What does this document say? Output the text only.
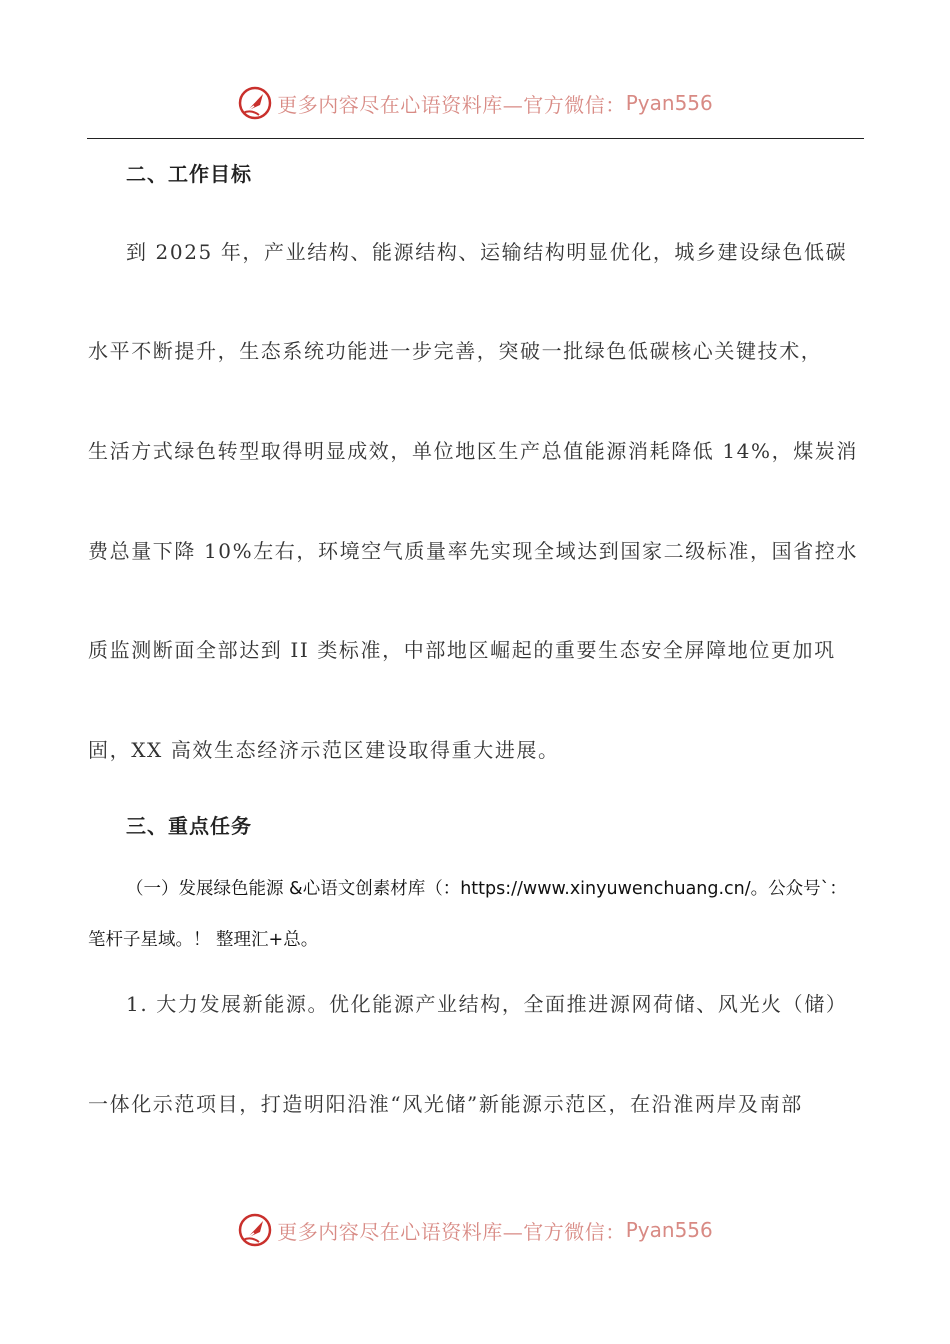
更多内容尽在心语资料库—官方微信： Pyan556
二、工作目标
到 2025 年，产业结构、能源结构、运输结构明显优化，城乡建设绿色低碳
水平不断提升，生态系统功能进一步完善，突破一批绿色低碳核心关键技术，
生活方式绿色转型取得明显成效，单位地区生产总值能源消耗降低 14%，煤炭消
费总量下降 10%左右，环境空气质量率先实现全域达到国家二级标准，国省控水
质监测断面全部达到 II 类标准，中部地区崛起的重要生态安全屏障地位更加巩
固，XX 高效生态经济示范区建设取得重大进展。
三、重点任务
（一）发展绿色能源 &心语文创素材库（：https://www.xinyuwenchuang.cn/。公众号`：
笔杆子星域。！ 整理汇+总。
1. 大力发展新能源。优化能源产业结构，全面推进源网荷储、风光火（储）
一体化示范项目，打造明阳沿淮“风光储”新能源示范区，在沿淮两岸及南部
更多内容尽在心语资料库—官方微信： Pyan556
